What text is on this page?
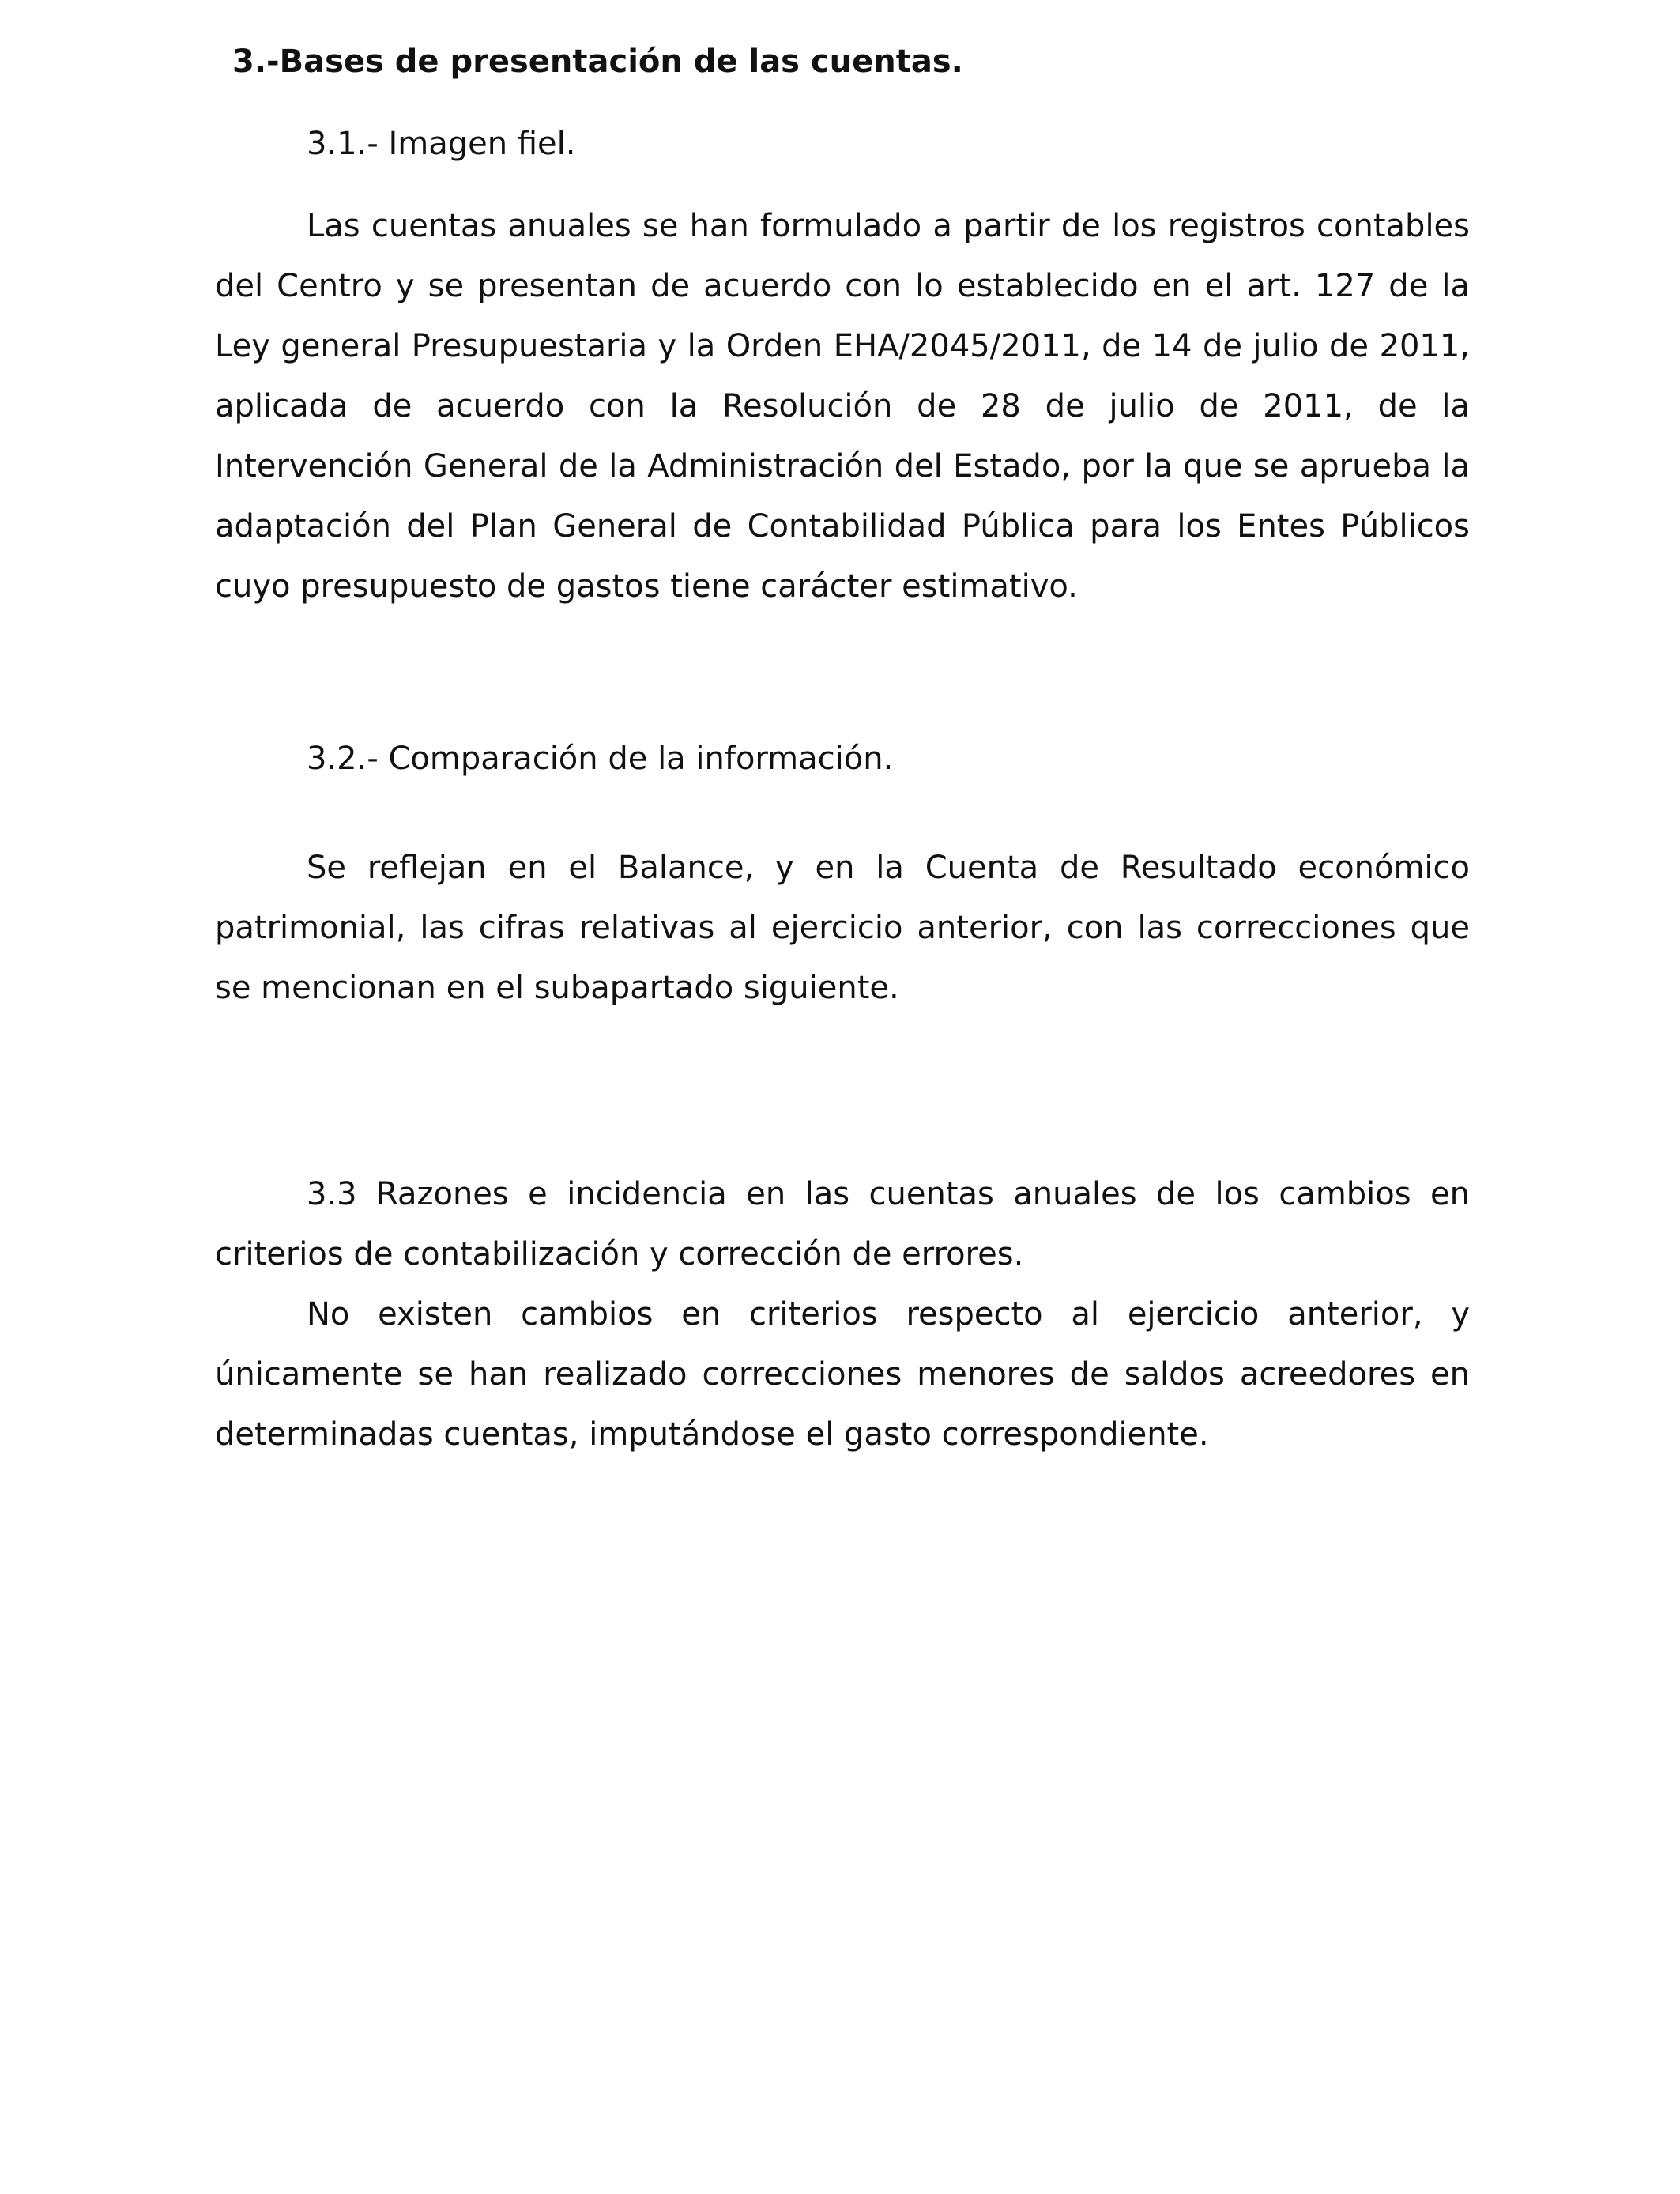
3.-Bases de presentación de las cuentas.

3.1.- Imagen fiel.

Las cuentas anuales se han formulado a partir de los registros contables del Centro y se presentan de acuerdo con lo establecido en el art. 127 de la Ley general Presupuestaria y la Orden EHA/2045/2011, de 14 de julio de 2011, aplicada de acuerdo con la Resolución de 28 de julio de 2011, de la Intervención General de la Administración del Estado, por la que se aprueba la adaptación del Plan General de Contabilidad Pública para los Entes Públicos cuyo presupuesto de gastos tiene carácter estimativo.

3.2.- Comparación de la información.

Se reflejan en el Balance, y en la Cuenta de Resultado económico patrimonial, las cifras relativas al ejercicio anterior, con las correcciones que se mencionan en el subapartado siguiente.

3.3 Razones e incidencia en las cuentas anuales de los cambios en criterios de contabilización y corrección de errores.

No existen cambios en criterios respecto al ejercicio anterior, y únicamente se han realizado correcciones menores de saldos acreedores en determinadas cuentas, imputándose el gasto correspondiente.
